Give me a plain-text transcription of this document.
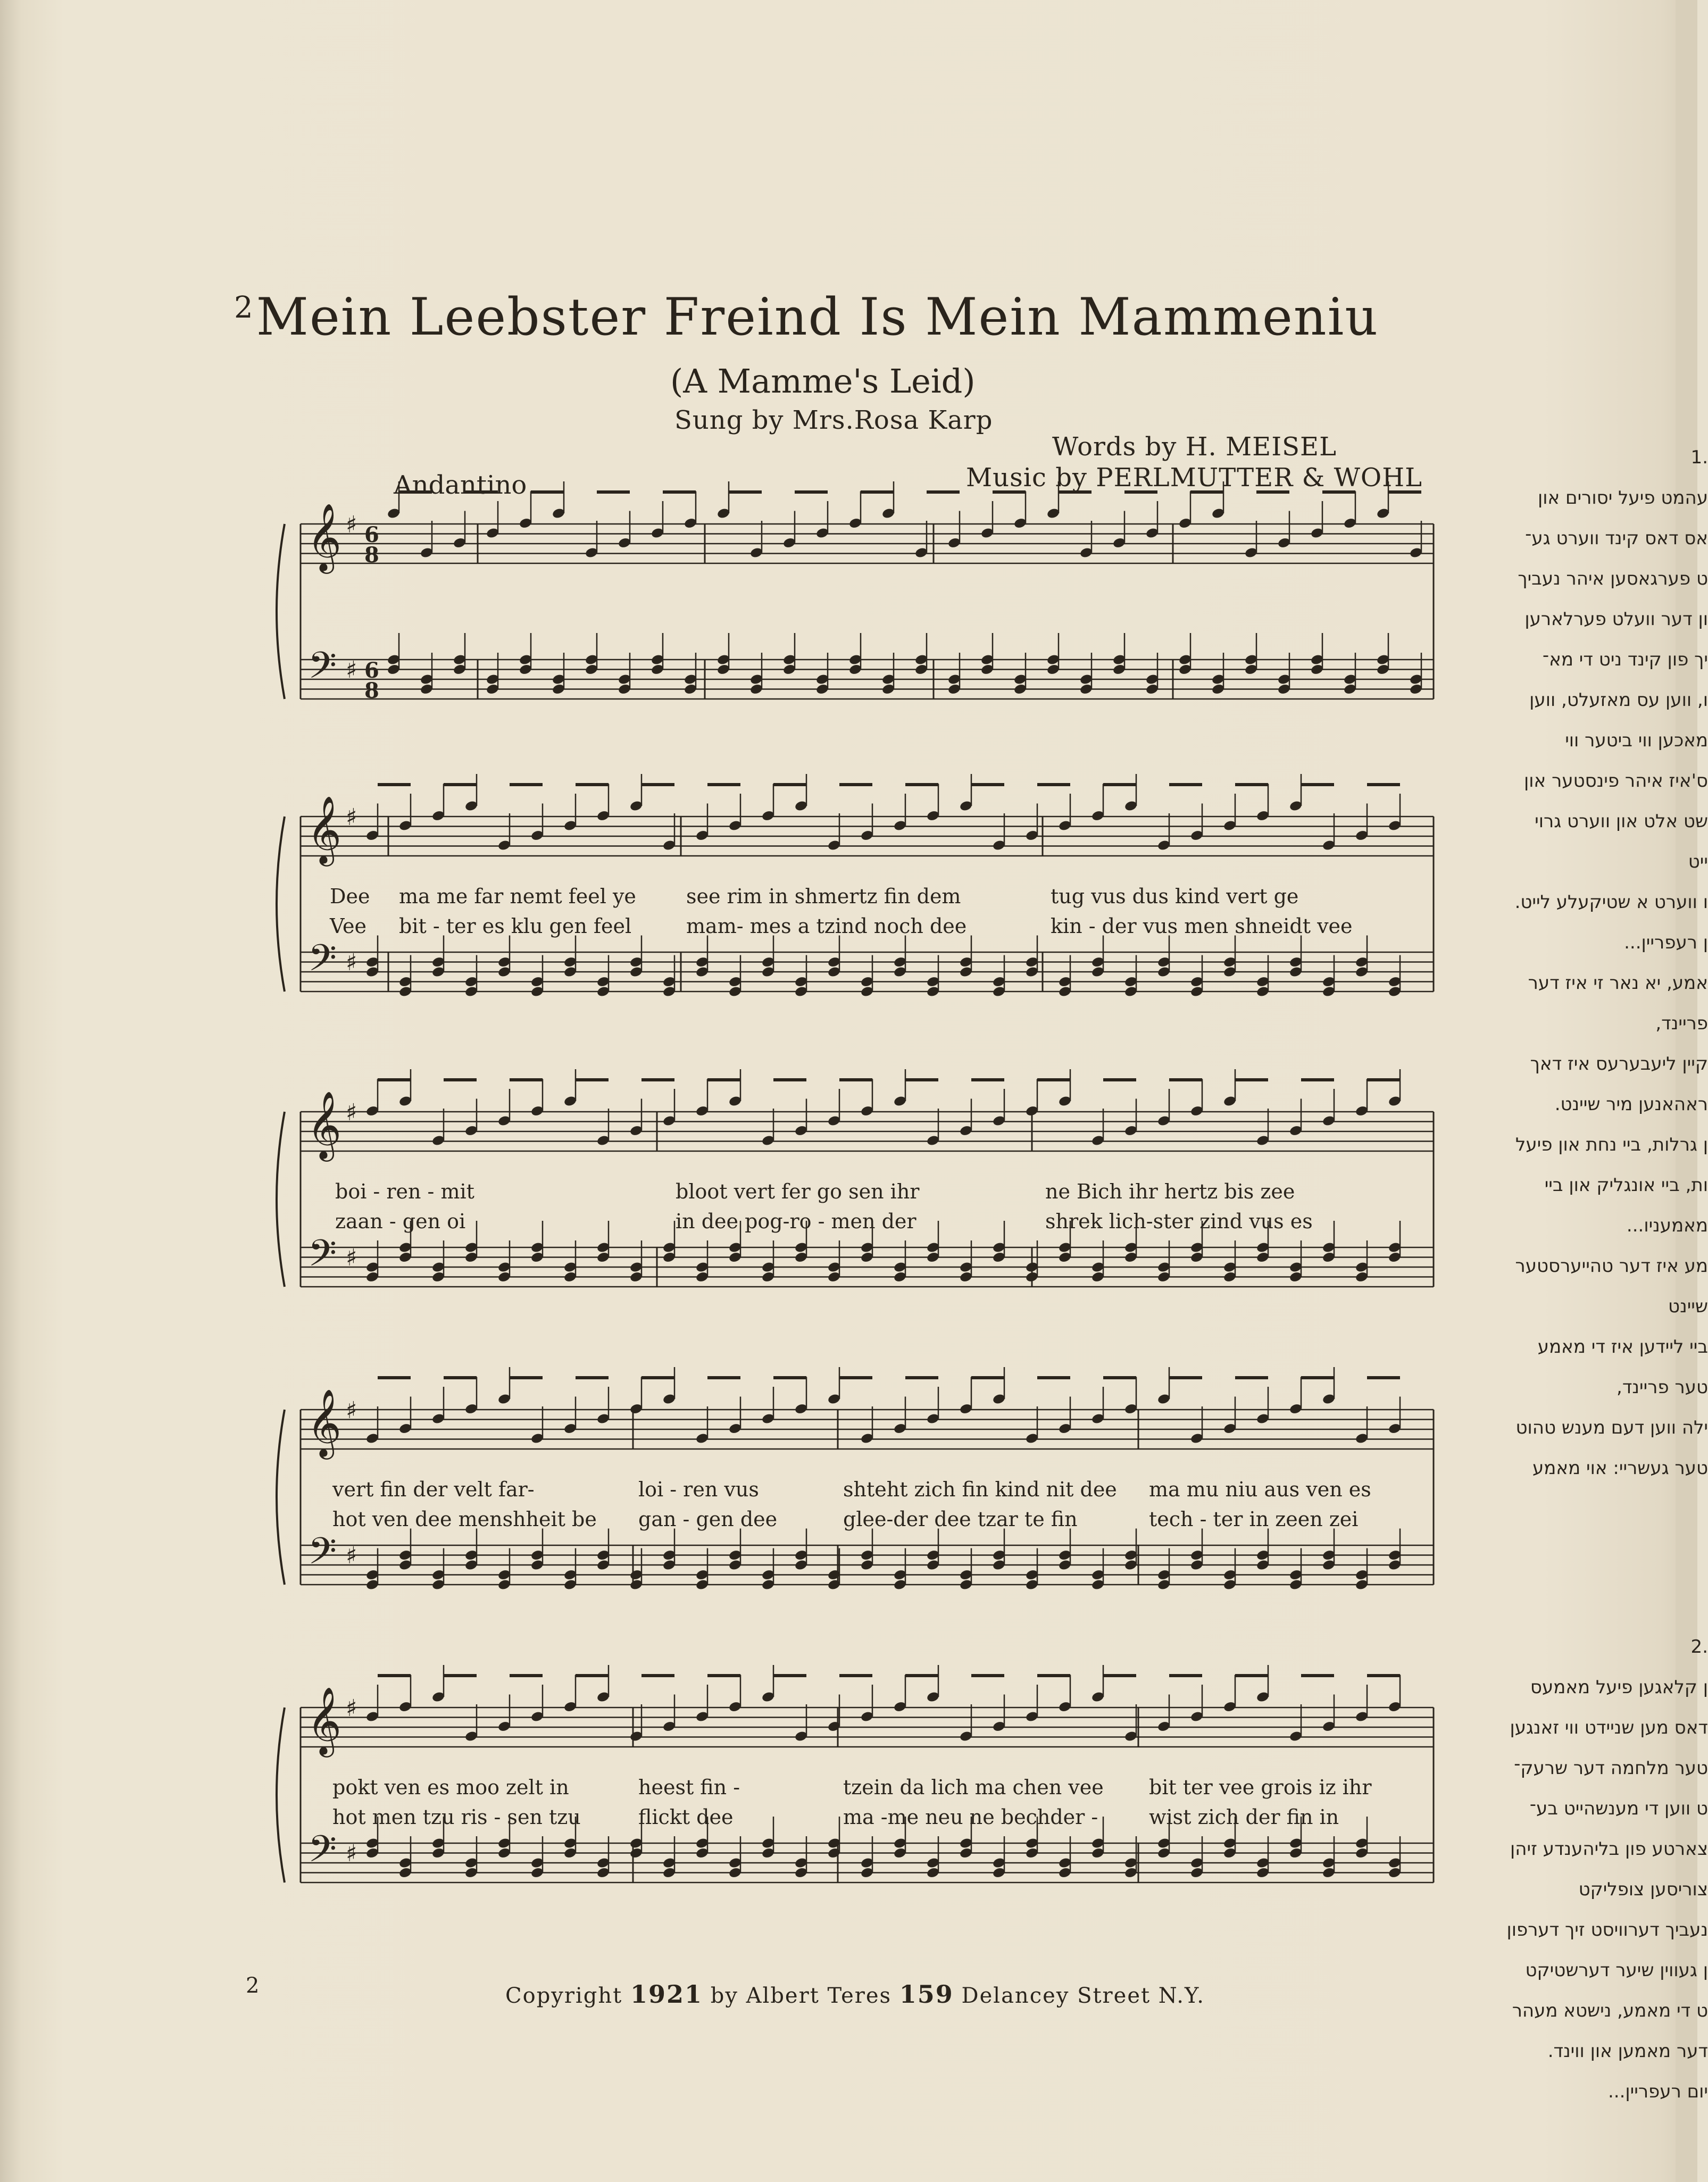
$^2$Mein Leebster Freind Is Mein Mammeniu
(A Mamme's Leid)
Sung by Mrs.Rosa Karp
Words by H. MEISEL
Music by PERLMUTTER & WOHL
Andantino
𝄞
𝄢
♯
♯
6
8
6
8
𝄞
𝄢
♯
♯
𝄞
𝄢
♯
♯
𝄞
𝄢
♯
♯
𝄞
𝄢
♯
♯
Dee ma me far nemt feel ye see rim in shmertz fin dem	tug vus dus kind vert ge
Vee bit - ter es klu gen feel	mam- mes a tzind noch dee	kin - der vus men shneidt vee
boi - ren - mit	bloot vert fer go sen ihr	ne Bich ihr hertz bis zee
zaan - gen oi	in dee pog-ro - men der	shrek lich-ster zind vus es
vert fin der velt far-	loi - ren vus	shteht zich fin kind nit dee ma mu niu aus ven es
hot ven dee menshheit be gan - gen dee	glee-der dee tzar te fin	tech - ter in zeen zei
pokt ven es moo zelt in	heest fin -	tzein da lich ma chen vee bit ter vee grois iz ihr
hot men tzu ris - sen tzu	flickt dee	ma -me neu ne bechder -	wist zich der fin in
.1
עהמט פיעל יסורים און
אס דאס קינד ווערט גע־
ט פערגאסען איהר נעביך
ון דער וועלט פערלארען
יך פון קינד ניט די מא־
ו, ווען עס מאזעלט, ווען
מאכען ווי ביטער ווי
ס'איז איהר פינסטער און
שט אלט און ווערט גרוי
ייט
ו ווערט א שטיקעלע לייט.
ן רעפריין...
אמע, יא נאר זי איז דער
פריינד,
קיין ליעבערעס איז דאך
ראהאנען מיר שיינט.
ן גרלות, ביי נחת און פיעל
ות, ביי אונגליק און ביי
מאמעניו...
מע איז דער טהייערסטער
שיינט
ביי ליידען איז די מאמע
טער פריינד,
ילה ווען דעם מענש טהוט
טער געשריי: אוי מאמע
.2
ן קלאגען פיעל מאמעס
דאס מען שניידט ווי זאנגען
טער מלחמה דער שרעק־
ט ווען די מענשהייט בע־
צארטע פון בליהענדע זיהן
צוריסען צופליקט
נעביך דערוויסט זיך דערפון
ן געווין שיער דערשטיקט
ט די מאמע, נישטא מעהר
דער מאמען און ווינד.
יום רעפריין...
2	Copyright 1921 by Albert Teres 159 Delancey Street N.Y.
